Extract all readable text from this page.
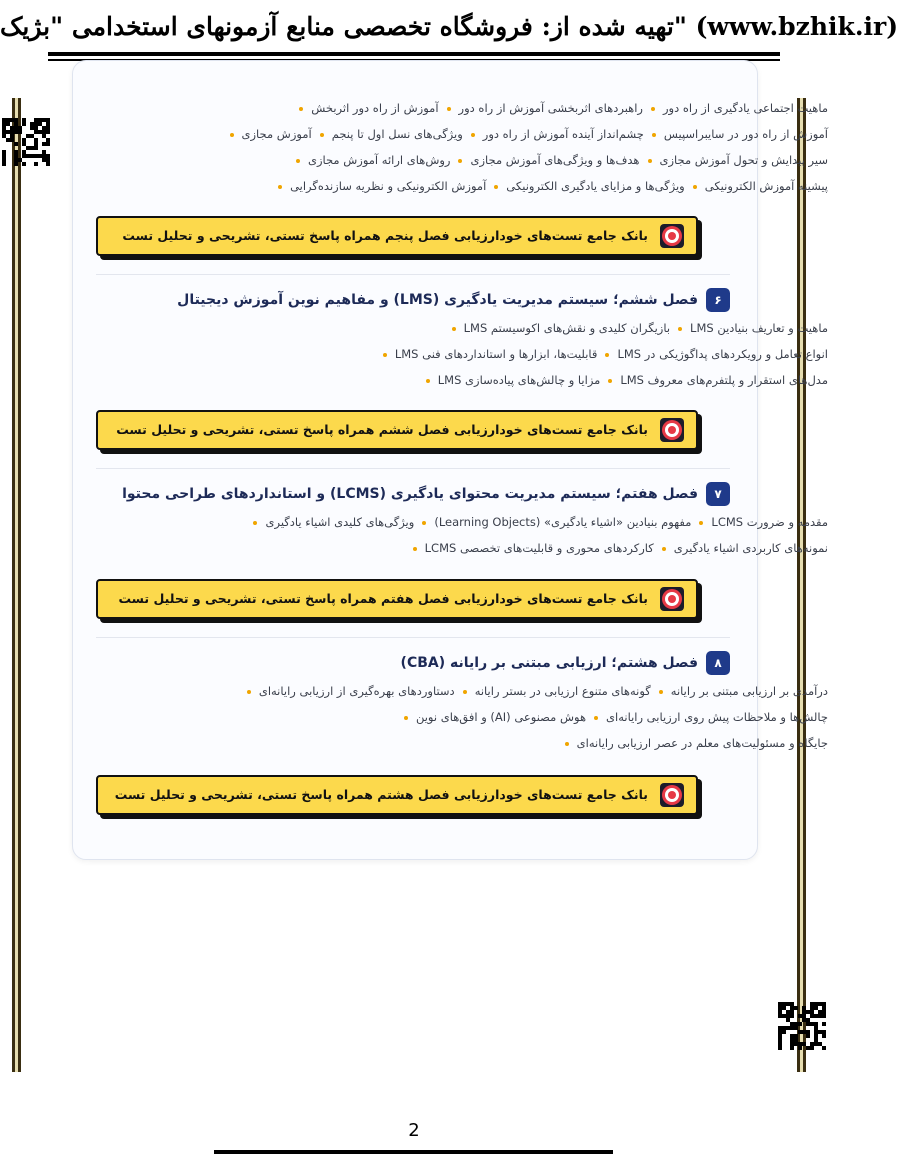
تهیه شده از: فروشگاه تخصصی منابع آزمونهای استخدامی "بژیک" (www.bzhik.ir)
ماهیت اجتماعی یادگیری از راه دورراهبردهای اثربخشی آموزش از راه دورآموزش از راه دور اثربخش
آموزش از راه دور در سایبراسپیسچشم‌انداز آینده آموزش از راه دورویژگی‌های نسل اول تا پنجمآموزش مجازی
سیر پیدایش و تحول آموزش مجازیهدف‌ها و ویژگی‌های آموزش مجازیروش‌های ارائه آموزش مجازی
پیشینه آموزش الکترونیکیویژگی‌ها و مزایای یادگیری الکترونیکیآموزش الکترونیکی و نظریه سازنده‌گرایی
بانک جامع تست‌های خودارزیابی فصل پنجم همراه پاسخ تستی، تشریحی و تحلیل تست
۶
فصل ششم؛ سیستم مدیریت یادگیری (LMS) و مفاهیم نوین آموزش دیجیتال
ماهیت و تعاریف بنیادین LMSبازیگران کلیدی و نقش‌های اکوسیستم LMS
انواع تعامل و رویکردهای پداگوژیکی در LMSقابلیت‌ها، ابزارها و استانداردهای فنی LMS
مدل‌های استقرار و پلتفرم‌های معروف LMSمزایا و چالش‌های پیاده‌سازی LMS
بانک جامع تست‌های خودارزیابی فصل ششم همراه پاسخ تستی، تشریحی و تحلیل تست
۷
فصل هفتم؛ سیستم مدیریت محتوای یادگیری (LCMS) و استانداردهای طراحی محتوا
مقدمه و ضرورت LCMSمفهوم بنیادین «اشیاء یادگیری» (Learning Objects)ویژگی‌های کلیدی اشیاء یادگیری
نمونه‌های کاربردی اشیاء یادگیریکارکردهای محوری و قابلیت‌های تخصصی LCMS
بانک جامع تست‌های خودارزیابی فصل هفتم همراه پاسخ تستی، تشریحی و تحلیل تست
۸
فصل هشتم؛ ارزیابی مبتنی بر رایانه (CBA)
درآمدی بر ارزیابی مبتنی بر رایانهگونه‌های متنوع ارزیابی در بستر رایانهدستاوردهای بهره‌گیری از ارزیابی رایانه‌ای
چالش‌ها و ملاحظات پیش روی ارزیابی رایانه‌ایهوش مصنوعی (AI) و افق‌های نوین
جایگاه و مسئولیت‌های معلم در عصر ارزیابی رایانه‌ای
بانک جامع تست‌های خودارزیابی فصل هشتم همراه پاسخ تستی، تشریحی و تحلیل تست
2
